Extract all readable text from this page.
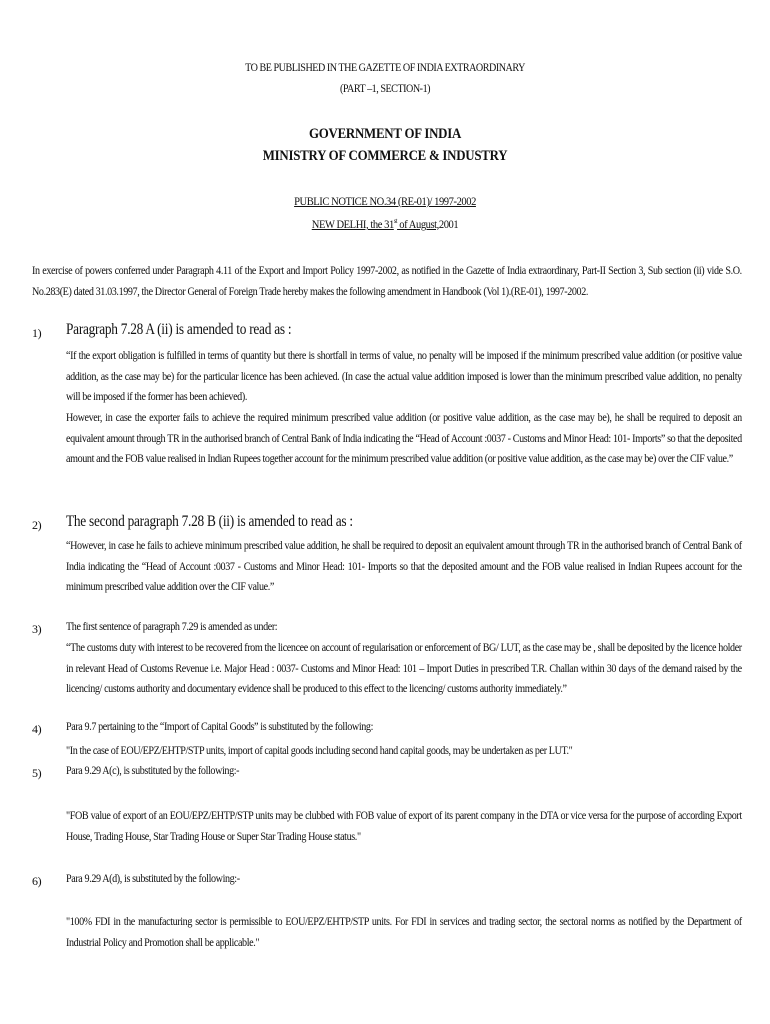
TO BE PUBLISHED IN THE GAZETTE OF INDIA EXTRAORDINARY
(PART –1, SECTION-1)
GOVERNMENT OF INDIA
MINISTRY OF COMMERCE & INDUSTRY
PUBLIC NOTICE NO.34 (RE-01)/ 1997-2002
NEW DELHI, the 31st of August,2001
In exercise of powers conferred under Paragraph 4.11 of the Export and Import Policy 1997-2002, as notified in the Gazette of India extraordinary, Part-II Section 3, Sub section (ii) vide S.O. No.283(E) dated 31.03.1997, the Director General of Foreign Trade hereby makes the following amendment in Handbook (Vol 1).(RE-01), 1997-2002.
1) Paragraph 7.28 A (ii) is amended to read as :
“If the export obligation is fulfilled in terms of quantity but there is shortfall in terms of value, no penalty will be imposed if the minimum prescribed value addition (or positive value addition, as the case may be) for the particular licence has been achieved. (In case the actual value addition imposed is lower than the minimum prescribed value addition, no penalty will be imposed if the former has been achieved).
However, in case the exporter fails to achieve the required minimum prescribed value addition (or positive value addition, as the case may be), he shall be required to deposit an equivalent amount through TR in the authorised branch of Central Bank of India indicating the “Head of Account :0037 - Customs and Minor Head: 101- Imports” so that the deposited amount and the FOB value realised in Indian Rupees together account for the minimum prescribed value addition (or positive value addition, as the case may be) over the CIF value.”
2) The second paragraph 7.28 B (ii) is amended to read as :
“However, in case he fails to achieve minimum prescribed value addition, he shall be required to deposit an equivalent amount through TR in the authorised branch of Central Bank of India indicating the “Head of Account :0037 - Customs and Minor Head: 101- Imports so that the deposited amount and the FOB value realised in Indian Rupees account for the minimum prescribed value addition over the CIF value.”
3) The first sentence of paragraph 7.29 is amended as under:
“The customs duty with interest to be recovered from the licencee on account of regularisation or enforcement of BG/ LUT, as the case may be , shall be deposited by the licence holder in relevant Head of Customs Revenue i.e. Major Head : 0037- Customs and Minor Head: 101 – Import Duties in prescribed T.R. Challan within 30 days of the demand raised by the licencing/ customs authority and documentary evidence shall be produced to this effect to the licencing/ customs authority immediately.”
4) Para 9.7 pertaining to the “Import of Capital Goods” is substituted by the following:
"In the case of EOU/EPZ/EHTP/STP units, import of capital goods including second hand capital goods, may be undertaken as per LUT."
5) Para 9.29 A(c), is substituted by the following:-
"FOB value of export of an EOU/EPZ/EHTP/STP units may be clubbed with FOB value of export of its parent company in the DTA or vice versa for the purpose of according Export House, Trading House, Star Trading House or Super Star Trading House status."
6) Para 9.29 A(d), is substituted by the following:-
"100% FDI in the manufacturing sector is permissible to EOU/EPZ/EHTP/STP units. For FDI in services and trading sector, the sectoral norms as notified by the Department of Industrial Policy and Promotion shall be applicable."
